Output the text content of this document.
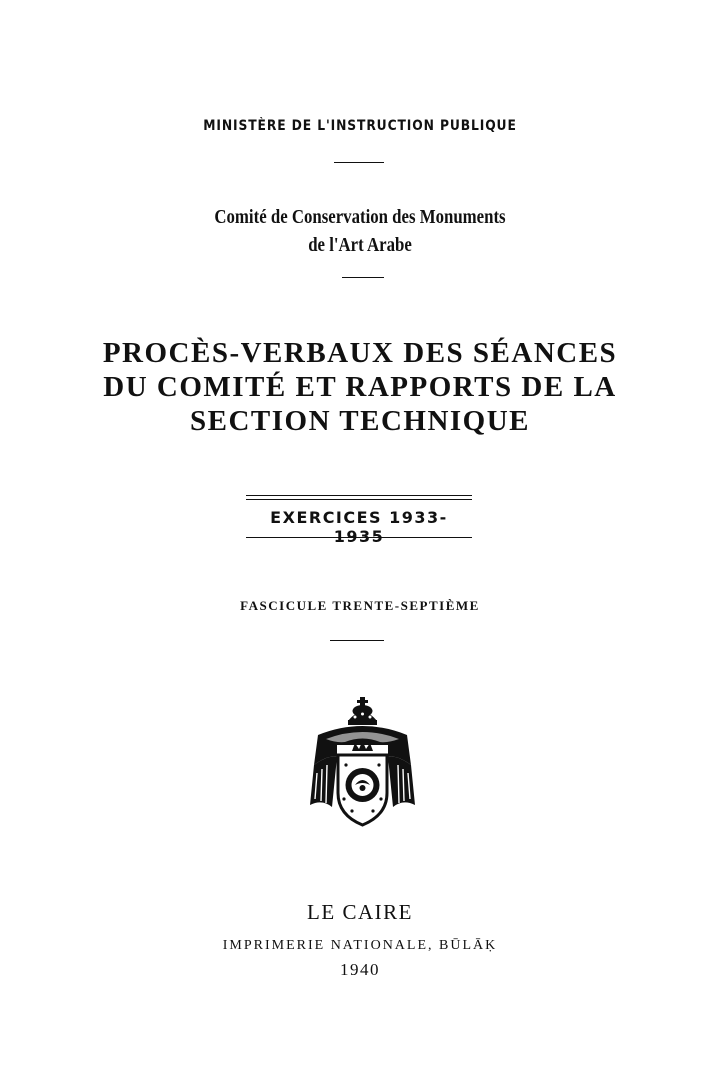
MINISTÈRE DE L'INSTRUCTION PUBLIQUE
Comité de Conservation des Monuments
de l'Art Arabe
PROCÈS-VERBAUX DES SÉANCES
DU COMITÉ ET RAPPORTS DE LA
SECTION TECHNIQUE
EXERCICES 1933-1935
FASCICULE TRENTE-SEPTIÈME
LE CAIRE
IMPRIMERIE NATIONALE, BŪLĀḲ
1940
